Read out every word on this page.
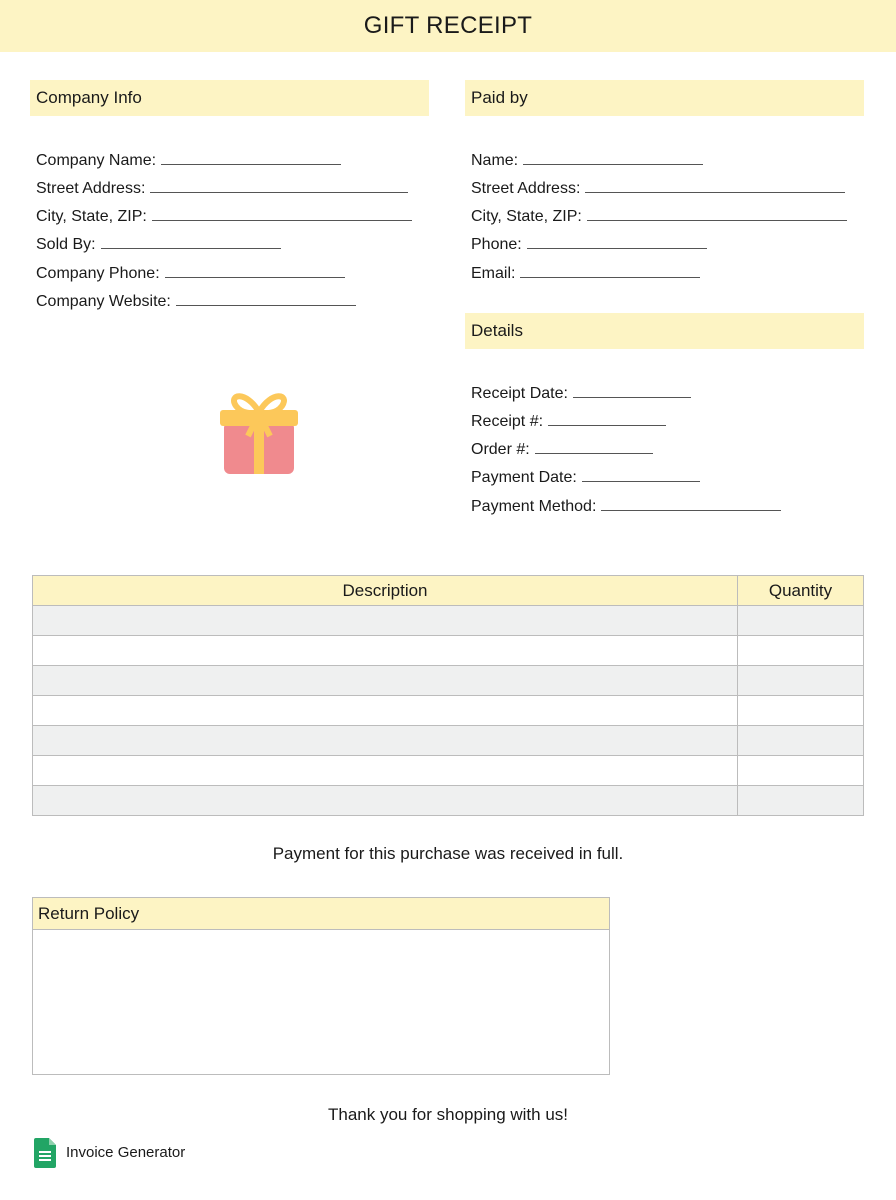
GIFT RECEIPT
Company Info
Company Name:
Street Address:
City, State, ZIP:
Sold By:
Company Phone:
Company Website:
Paid by
Name:
Street Address:
City, State, ZIP:
Phone:
Email:
Details
Receipt Date:
Receipt #:
Order #:
Payment Date:
Payment Method:
Description	Quantity

Payment for this purchase was received in full.
Return Policy
Thank you for shopping with us!
Invoice Generator
